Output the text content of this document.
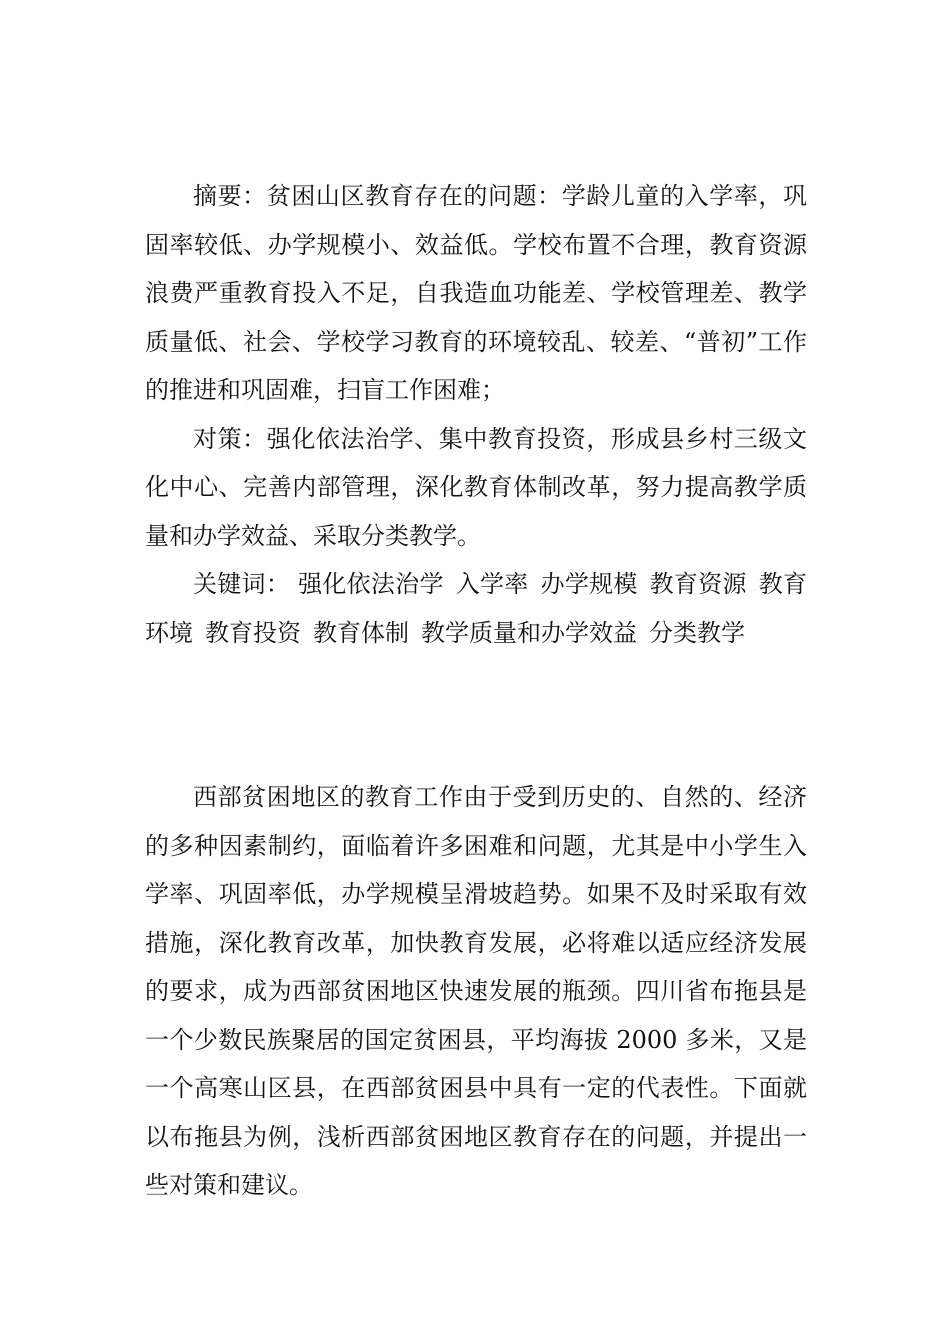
摘要：贫困山区教育存在的问题：学龄儿童的入学率，巩固率较低、办学规模小、效益低。学校布置不合理，教育资源浪费严重教育投入不足，自我造血功能差、学校管理差、教学质量低、社会、学校学习教育的环境较乱、较差、“普初”工作的推进和巩固难，扫盲工作困难；

对策：强化依法治学、集中教育投资，形成县乡村三级文化中心、完善内部管理，深化教育体制改革，努力提高教学质量和办学效益、采取分类教学。

关键词： 强化依法治学 入学率 办学规模 教育资源 教育环境 教育投资 教育体制 教学质量和办学效益 分类教学

西部贫困地区的教育工作由于受到历史的、自然的、经济的多种因素制约，面临着许多困难和问题，尤其是中小学生入学率、巩固率低，办学规模呈滑坡趋势。如果不及时采取有效措施，深化教育改革，加快教育发展，必将难以适应经济发展的要求，成为西部贫困地区快速发展的瓶颈。四川省布拖县是一个少数民族聚居的国定贫困县，平均海拔 2000 多米，又是一个高寒山区县，在西部贫困县中具有一定的代表性。下面就以布拖县为例，浅析西部贫困地区教育存在的问题，并提出一些对策和建议。
